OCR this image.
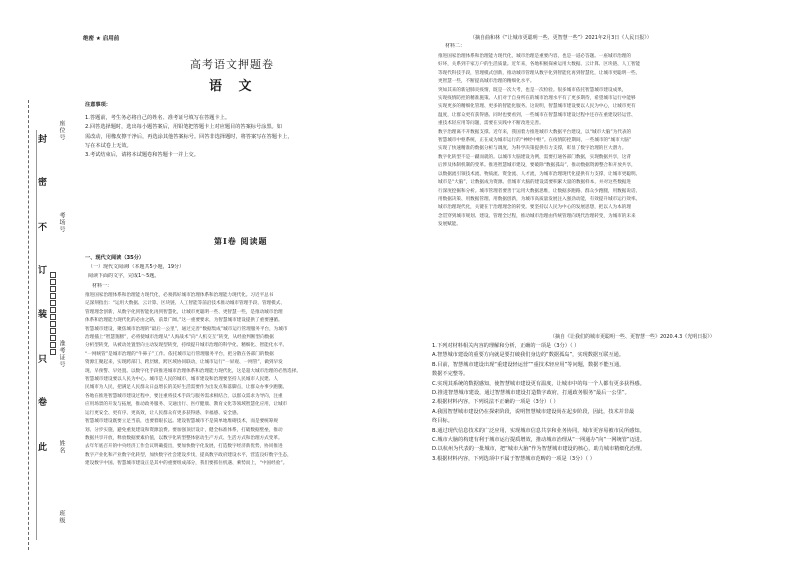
座位号
考场号
准考证号
姓名
班级
封
密
不
订
装
只
卷
此
绝密 ★ 启用前
高考语文押题卷
语 文
注意事项：
1.答题前，考生务必将自己的姓名、准考证号填写在答题卡上。
2.回答选择题时，选出每小题答案后，用铅笔把答题卡上对应题目的答案标号涂黑。如
需改动，用橡皮擦干净后，再选涂其他答案标号。回答非选择题时，将答案写在答题卡上，
写在本试卷上无效。
3.考试结束后，请将本试题卷和答题卡一并上交。
第Ⅰ卷 阅读题
一、现代文阅读（35分）
（一）现代文阅读Ⅰ（本题共5小题，19分）
阅读下面的文字，完成1～5题。
材料一：
推进国家治理体系和治理能力现代化，必须抓好城市治理体系和治理能力现代化。习近平总书
记深刻指出：“运用大数据、云计算、区块链、人工智能等前沿技术推动城市管理手段、管理模式、
管理理念创新，从数字化到智能化再到智慧化，让城市更聪明一些、更智慧一些，是推动城市治理
体系和治理能力现代化的必由之路，前景广阔。”这一重要要求，为智慧城市建设提供了重要遵循。
智慧城市建设，聚焦城市治理的“最后一公里”，通过完善“数据集成”城市运行管理服务平台，为城市
治理插上“智慧翅膀”，必将使城市治理从“人海战术”向“人机交互”转变，从经验判断型向数据
分析型转变，从被动处置型向主动发现型转变，持续提升城市治理的科学化、精细化、智能化水平。
“一网统管”是城市治理的“牛鼻子”工作。依托城市运行管理服务平台，把分散在各部门的数据
资源汇聚起来，实现跨部门、跨层级、跨区域协同联动，让城市运行“一屏观、一网管”，做到早发
现、早预警、早处置。以数字化手段推进城市治理体系和治理能力现代化，这是超大城市治理的必然选择。
智慧城市建设要以人民为中心。城市是人民的城市，城市建设和治理要坚持人民城市人民建、人
民城市为人民，把满足人民群众日益增长的美好生活需要作为出发点和落脚点，让群众办事少跑腿。
各地在推进智慧城市建设过程中，要注重将技术手段与服务需求相结合，以群众需求为导向，注重
应用场景的开发与拓展，推动政务服务、交通出行、医疗健康、教育文化等领域智慧化应用，让城市
运行更安全、更有序、更高效，让人民群众有更多获得感、幸福感、安全感。
智慧城市建设既要立足当前，也要着眼长远。建设智慧城市不是简单地堆砌技术，而是要统筹规
划、分步实施，避免重复建设和资源浪费。要加强顶层设计，健全标准体系，打破数据壁垒，推动
数据共享开放，释放数据要素价值，以数字化转型整体驱动生产方式、生活方式和治理方式变革。
去年年底召开的中央经济工作会议明确提出，要加快数字化发展，打造数字经济新优势，协同推进
数字产业化和产业数字化转型，加快数字社会建设步伐，提高数字政府建设水平，营造良好数字生态，
建设数字中国。智慧城市建设正是其中的重要组成部分，我们要抓住机遇、乘势而上，“中国经验”。
（摘自曲和林《“让城市更聪明一些、更智慧一些”》2021年2月3日《人民日报》）
材料二：
推进国家治理体系和治理能力现代化，城市治理是重要内容，也是一道必答题。一座城市治理的
好坏，关系到千家万户的生活质量。近年来，各地积极探索运用大数据、云计算、区块链、人工智能
等现代科技手段，管理模式创新，推动城市管理从数字化到智能化再到智慧化，让城市更聪明一些、
更智慧一些，不断提高城市治理的精细化水平。
突如其来的新冠肺炎疫情，既是一次大考，也是一次检验。很多城市依托智慧城市建设成果，
实现疫情防控的精准施策。人们对于自身所在的城市治理水平有了更多期待，希望城市运行中能够
实现更多的精细化管理、更多的智能化服务。这说明，智慧城市建设要以人民为中心，让城市更有
温度，让群众更有获得感。同时也要看到，一些城市在智慧城市建设过程中还存在重建设轻运营、
重技术轻应用等问题，需要在实践中不断改进完善。
数字治理离不开数据支撑。近年来，我国着力推进城市大数据平台建设，以“城市大脑”为代表的
智慧城市中枢系统，正在成为城市运行的“神经中枢”。在疫情防控期间，一些城市的“城市大脑”
实现了快速精准的数据分析与调度，为科学决策提供有力支撑，彰显了数字治理的巨大潜力。
数字化转型不是一蹴而就的。以城市大脑建设为例，需要打通各部门数据，实现数据共享，这背
后涉及体制机制的变革。推进智慧城市建设，要破除“数据孤岛”，推动数据资源整合和开放共享，
以数据流引领技术流、物质流、资金流、人才流，为城市治理现代化提供有力支撑，让城市更聪明。
城市是“大脑”，让数据成为资源。但城市大脑的建设需要积累大量的数据样本，并对这些数据进
行深度挖掘和分析。城市管理者要善于运用大数据思维，让数据多跑路、群众少跑腿，用数据说话、
用数据决策、用数据管理、用数据创新，为城市高质量发展注入强劲动能，有效提升城市运行效率。
城市治理现代化，关键在于治理理念的转变。要坚持以人民为中心的发展思想，把以人为本的理
念贯穿到城市规划、建设、管理全过程，推动城市治理由传统管理向现代治理转变，为城市的未来
发展赋能。
（摘自《让我们的城市更聪明一些、更智慧一些》2020.4.3《光明日报》）
1.下列对材料相关内容的理解和分析，正确的一项是（3分）（ ）
A.智慧城市建设的重要方向就是要打破我们身边的“数据孤岛”，实现数据互联互通。
B.目前，智慧城市建设出现“重建设轻运营”“重技术轻应用”等问题，数据不能互通，
数据不完整等。
C.实现其系统的数据感知，使智慧城市建设更有温度，让城市中的每一个人都有更多获得感。
D.推进智慧城市建设，通过智慧城市建设打造数字政府，打通政务服务“最后一公里”。
2.根据材料内容，下列说法不正确的一项是（3分）（ ）
A.我国智慧城市建设仍在探索阶段，说明智慧城市建设尚在起步阶段，因此，技术并非最
终目标。
B.通过现代信息技术的广泛应用，实现城市信息共享和业务协同，城市更容易被市民所感知。
C.城市大脑的构建有利于城市运行提质增效，推动城市治理从“一网通办”向“一网统管”迈进。
D.以杭州为代表的一批城市，把“城市大脑”作为智慧城市建设的核心，助力城市精细化治理。
3.根据材料内容，下列选项中不属于智慧城市范畴的一项是（3分）（ ）
